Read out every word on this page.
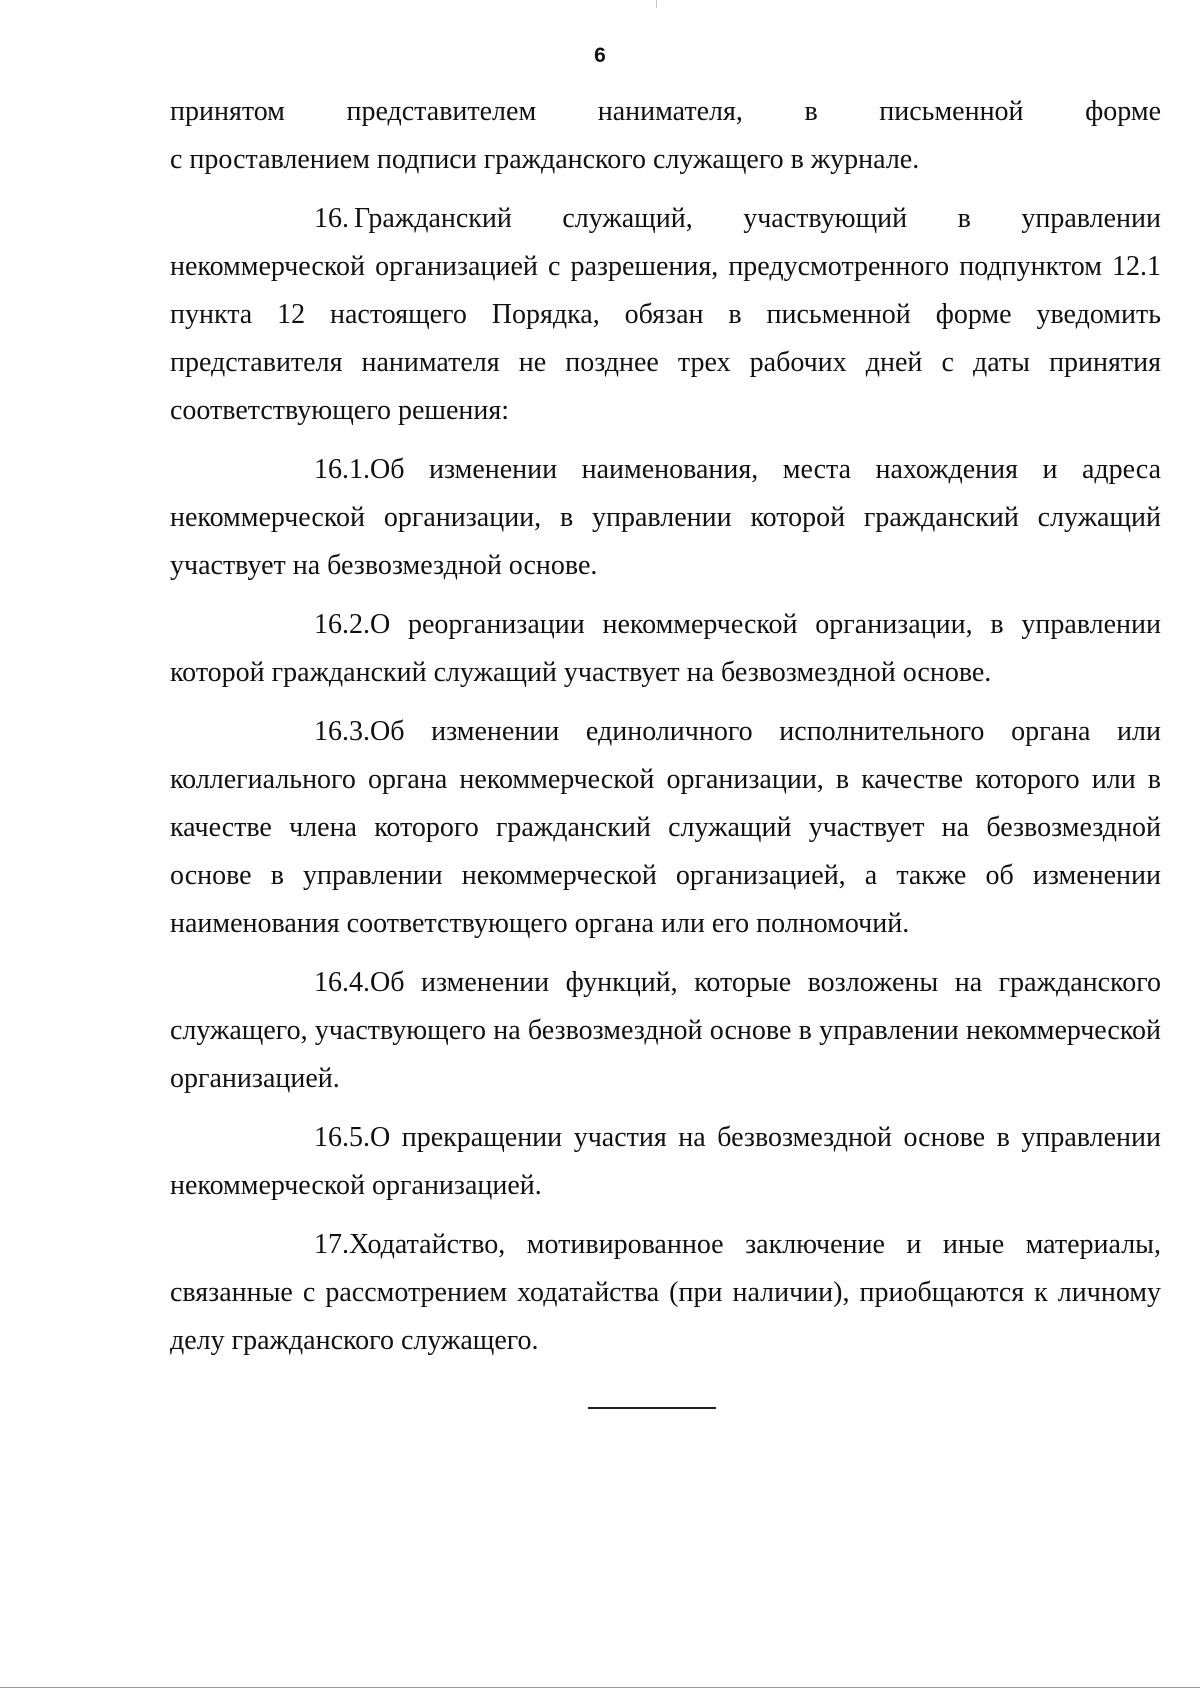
6

принятом представителем нанимателя, в письменной форме

с проставлением подписи гражданского служащего в журнале.

16. Гражданский служащий, участвующий в управлении некоммерческой организацией с разрешения, предусмотренного подпунктом 12.1 пункта 12 настоящего Порядка, обязан в письменной форме уведомить представителя нанимателя не позднее трех рабочих дней с даты принятия соответствующего решения:

16.1.Об изменении наименования, места нахождения и адреса некоммерческой организации, в управлении которой гражданский служащий участвует на безвозмездной основе.

16.2.О реорганизации некоммерческой организации, в управлении которой гражданский служащий участвует на безвозмездной основе.

16.3.Об изменении единоличного исполнительного органа или коллегиального органа некоммерческой организации, в качестве которого или в качестве члена которого гражданский служащий участвует на безвозмездной основе в управлении некоммерческой организацией, а также об изменении наименования соответствующего органа или его полномочий.

16.4.Об изменении функций, которые возложены на гражданского служащего, участвующего на безвозмездной основе в управлении некоммерческой организацией.

16.5.О прекращении участия на безвозмездной основе в управлении некоммерческой организацией.

17.Ходатайство, мотивированное заключение и иные материалы, связанные с рассмотрением ходатайства (при наличии), приобщаются к личному делу гражданского служащего.
